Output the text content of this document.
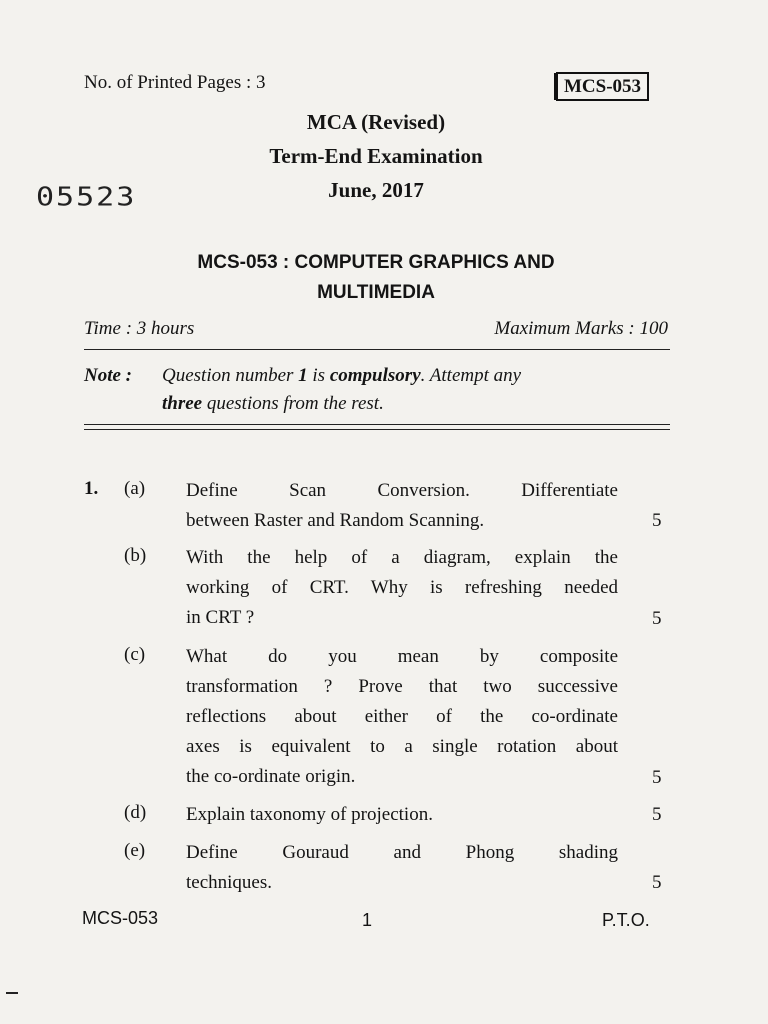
No. of Printed Pages : 3	MCS-053
MCA (Revised)
Term-End Examination
June, 2017
05523
MCS-053 : COMPUTER GRAPHICS AND
MULTIMEDIA
Time : 3 hours	Maximum Marks : 100
Note : Question number 1 is compulsory. Attempt any
three questions from the rest.
1. (a) Define Scan Conversion. Differentiate
between Raster and Random Scanning.	5
(b) With the help of a diagram, explain the
working of CRT. Why is refreshing needed
in CRT ?	5
(c) What do you mean by composite
transformation ? Prove that two successive
reflections about either of the co-ordinate
axes is equivalent to a single rotation about
the co-ordinate origin.	5
(d) Explain taxonomy of projection.	5
(e) Define Gouraud and Phong shading
techniques.	5
MCS-053	1	P.T.O.
